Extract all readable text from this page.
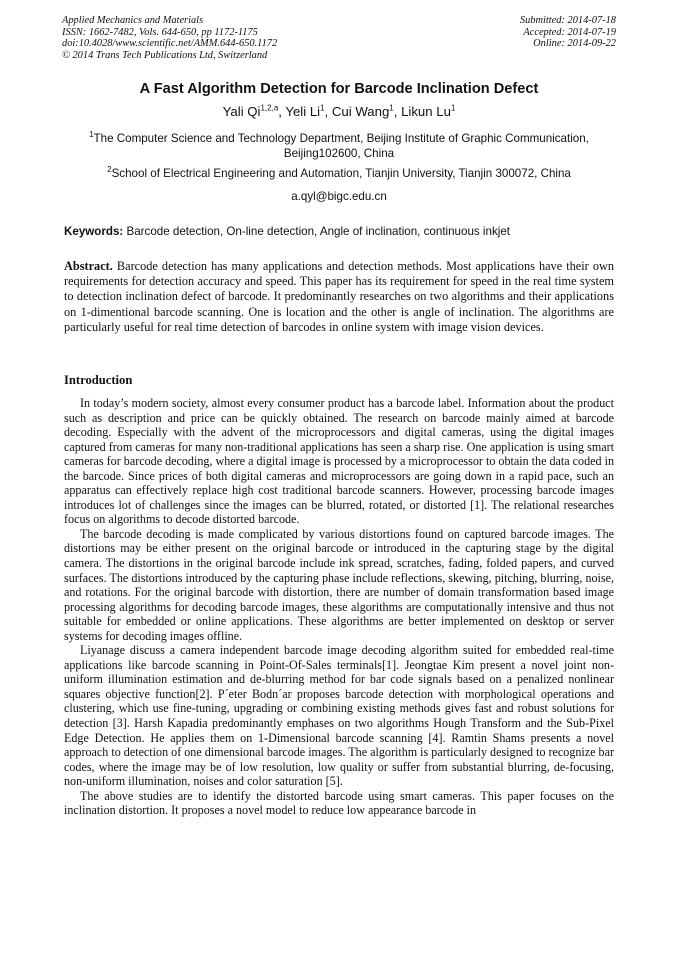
Applied Mechanics and Materials
ISSN: 1662-7482, Vols. 644-650, pp 1172-1175
doi:10.4028/www.scientific.net/AMM.644-650.1172
© 2014 Trans Tech Publications Ltd, Switzerland
Submitted: 2014-07-18
Accepted: 2014-07-19
Online: 2014-09-22
A Fast Algorithm Detection for Barcode Inclination Defect
Yali Qi$^{1,2,a}$, Yeli Li$^1$, Cui Wang$^1$, Likun Lu$^1$
$^1$The Computer Science and Technology Department, Beijing Institute of Graphic Communication, Beijing102600, China
$^2$School of Electrical Engineering and Automation, Tianjin University, Tianjin 300072, China
a.qyl@bigc.edu.cn
Keywords: Barcode detection, On-line detection, Angle of inclination, continuous inkjet
Abstract. Barcode detection has many applications and detection methods. Most applications have their own requirements for detection accuracy and speed. This paper has its requirement for speed in the real time system to detection inclination defect of barcode. It predominantly researches on two algorithms and their applications on 1-dimentional barcode scanning. One is location and the other is angle of inclination. The algorithms are particularly useful for real time detection of barcodes in online system with image vision devices.
Introduction

In today’s modern society, almost every consumer product has a barcode label. Information about the product such as description and price can be quickly obtained. The research on barcode mainly aimed at barcode decoding. Especially with the advent of the microprocessors and digital cameras, using the digital images captured from cameras for many non-traditional applications has seen a sharp rise. One application is using smart cameras for barcode decoding, where a digital image is processed by a microprocessor to obtain the data coded in the barcode. Since prices of both digital cameras and microprocessors are going down in a rapid pace, such an apparatus can effectively replace high cost traditional barcode scanners. However, processing barcode images introduces lot of challenges since the images can be blurred, rotated, or distorted [1]. The relational researches focus on algorithms to decode distorted barcode.

The barcode decoding is made complicated by various distortions found on captured barcode images. The distortions may be either present on the original barcode or introduced in the capturing stage by the digital camera. The distortions in the original barcode include ink spread, scratches, fading, folded papers, and curved surfaces. The distortions introduced by the capturing phase include reflections, skewing, pitching, blurring, noise, and rotations. For the original barcode with distortion, there are number of domain transformation based image processing algorithms for decoding barcode images, these algorithms are computationally intensive and thus not suitable for embedded or online applications. These algorithms are better implemented on desktop or server systems for decoding images offline.

Liyanage discuss a camera independent barcode image decoding algorithm suited for embedded real-time applications like barcode scanning in Point-Of-Sales terminals[1]. Jeongtae Kim present a novel joint non-uniform illumination estimation and de-blurring method for bar code signals based on a penalized nonlinear squares objective function[2]. P´eter Bodn´ar proposes barcode detection with morphological operations and clustering, which use fine-tuning, upgrading or combining existing methods gives fast and robust solutions for detection [3]. Harsh Kapadia predominantly emphases on two algorithms Hough Transform and the Sub-Pixel Edge Detection. He applies them on 1-Dimensional barcode scanning [4]. Ramtin Shams presents a novel approach to detection of one dimensional barcode images. The algorithm is particularly designed to recognize bar codes, where the image may be of low resolution, low quality or suffer from substantial blurring, de-focusing, non-uniform illumination, noises and color saturation [5].

The above studies are to identify the distorted barcode using smart cameras. This paper focuses on the inclination distortion. It proposes a novel model to reduce low appearance barcode in
